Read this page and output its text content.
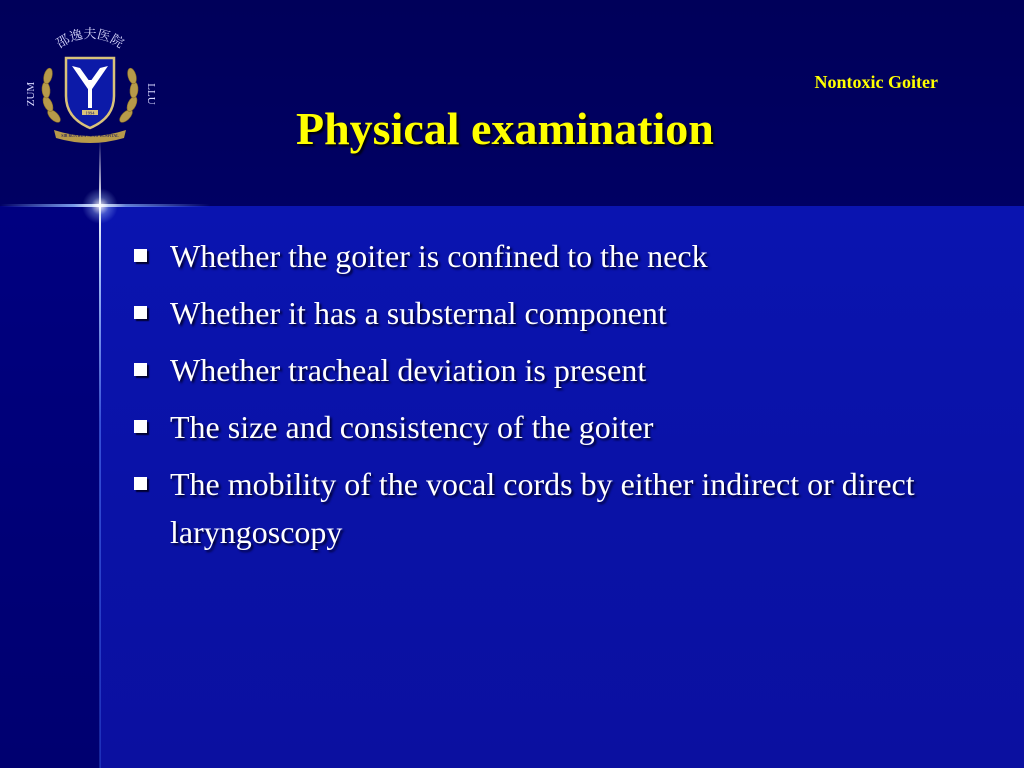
1994
SIR RUN RUN SHAW HOSPITAL
ZUM	LLU
邵逸夫医院
Nontoxic Goiter
Physical examination
Whether the goiter is confined to the neck
Whether it has a substernal component
Whether tracheal deviation is present
The size and consistency of the goiter
The mobility of the vocal cords by either indirect or direct laryngoscopy
